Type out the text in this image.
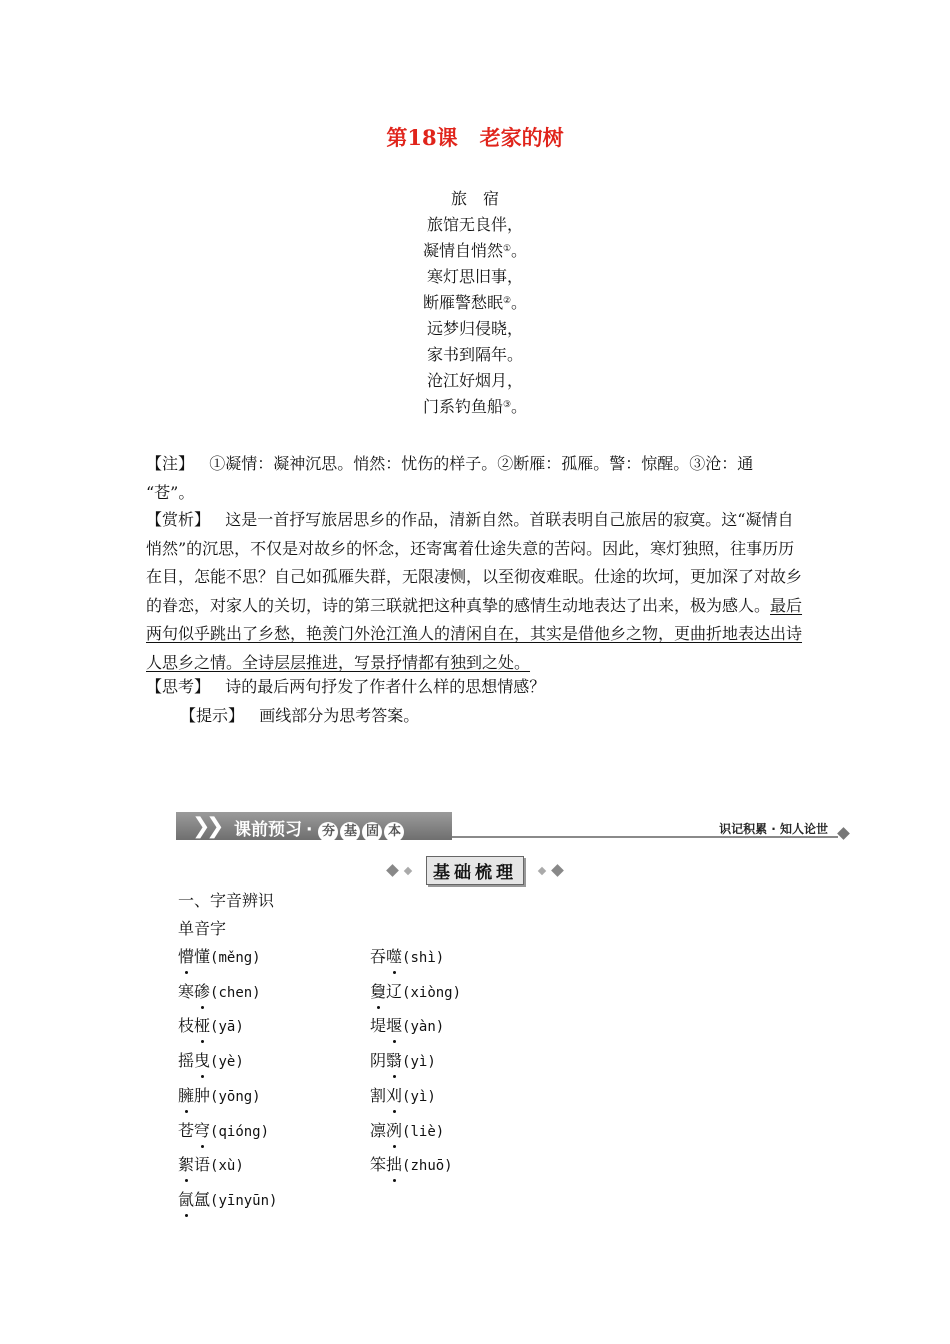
第18课 老家的树
旅　宿
旅馆无良伴，
凝情自悄然①。
寒灯思旧事，
断雁警愁眠②。
远梦归侵晓，
家书到隔年。
沧江好烟月，
门系钓鱼船③。
【注】 ①凝情：凝神沉思。悄然：忧伤的样子。②断雁：孤雁。警：惊醒。③沧：通
“苍”。
【赏析】 这是一首抒写旅居思乡的作品，清新自然。首联表明自己旅居的寂寞。这“凝情自悄然”的沉思，不仅是对故乡的怀念，还寄寓着仕途失意的苦闷。因此，寒灯独照，往事历历在目，怎能不思？自己如孤雁失群，无限凄恻，以至彻夜难眠。仕途的坎坷，更加深了对故乡的眷恋，对家人的关切，诗的第三联就把这种真挚的感情生动地表达了出来，极为感人。最后两句似乎跳出了乡愁，艳羡门外沧江渔人的清闲自在，其实是借他乡之物，更曲折地表达出诗人思乡之情。全诗层层推进，写景抒情都有独到之处。
【思考】 诗的最后两句抒发了作者什么样的思想情感？
【提示】 画线部分为思考答案。
❯
❯ 课前预习 · 夯 基 固 本	识记积累 · 知人论世
基础梳理
一、字音辨识
单音字
懵懂(měng)
寒碜(chen)
枝桠(yā)
摇曳(yè)
臃肿(yōng)
苍穹(qióng)
絮语(xù)
氤氲(yīnyūn)
吞噬(shì)
敻辽(xiòng)
堤堰(yàn)
阴翳(yì)
割刈(yì)
凛冽(liè)
笨拙(zhuō)
